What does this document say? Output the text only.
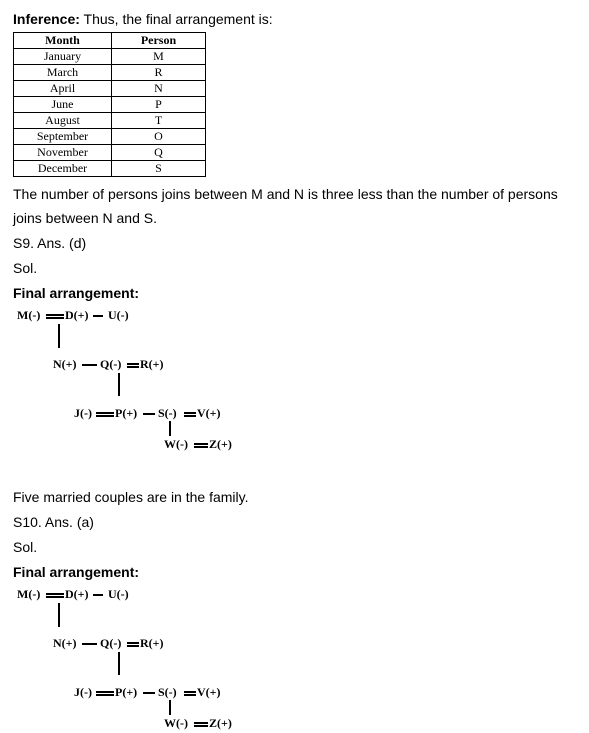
Inference: Thus, the final arrangement is:
Month	Person
January	M
March	R
April	N
June	P
August	T
September	O
November	Q
December	S
The number of persons joins between M and N is three less than the number of persons
joins between N and S.
S9. Ans. (d)
Sol.
Final arrangement:
M(-) D(+) U(-)
N(+) Q(-) R(+)
J(-) P(+) S(-) V(+)
W(-) Z(+)
Five married couples are in the family.
S10. Ans. (a)
Sol.
Final arrangement:
M(-) D(+) U(-)
N(+) Q(-) R(+)
J(-) P(+) S(-) V(+)
W(-) Z(+)
